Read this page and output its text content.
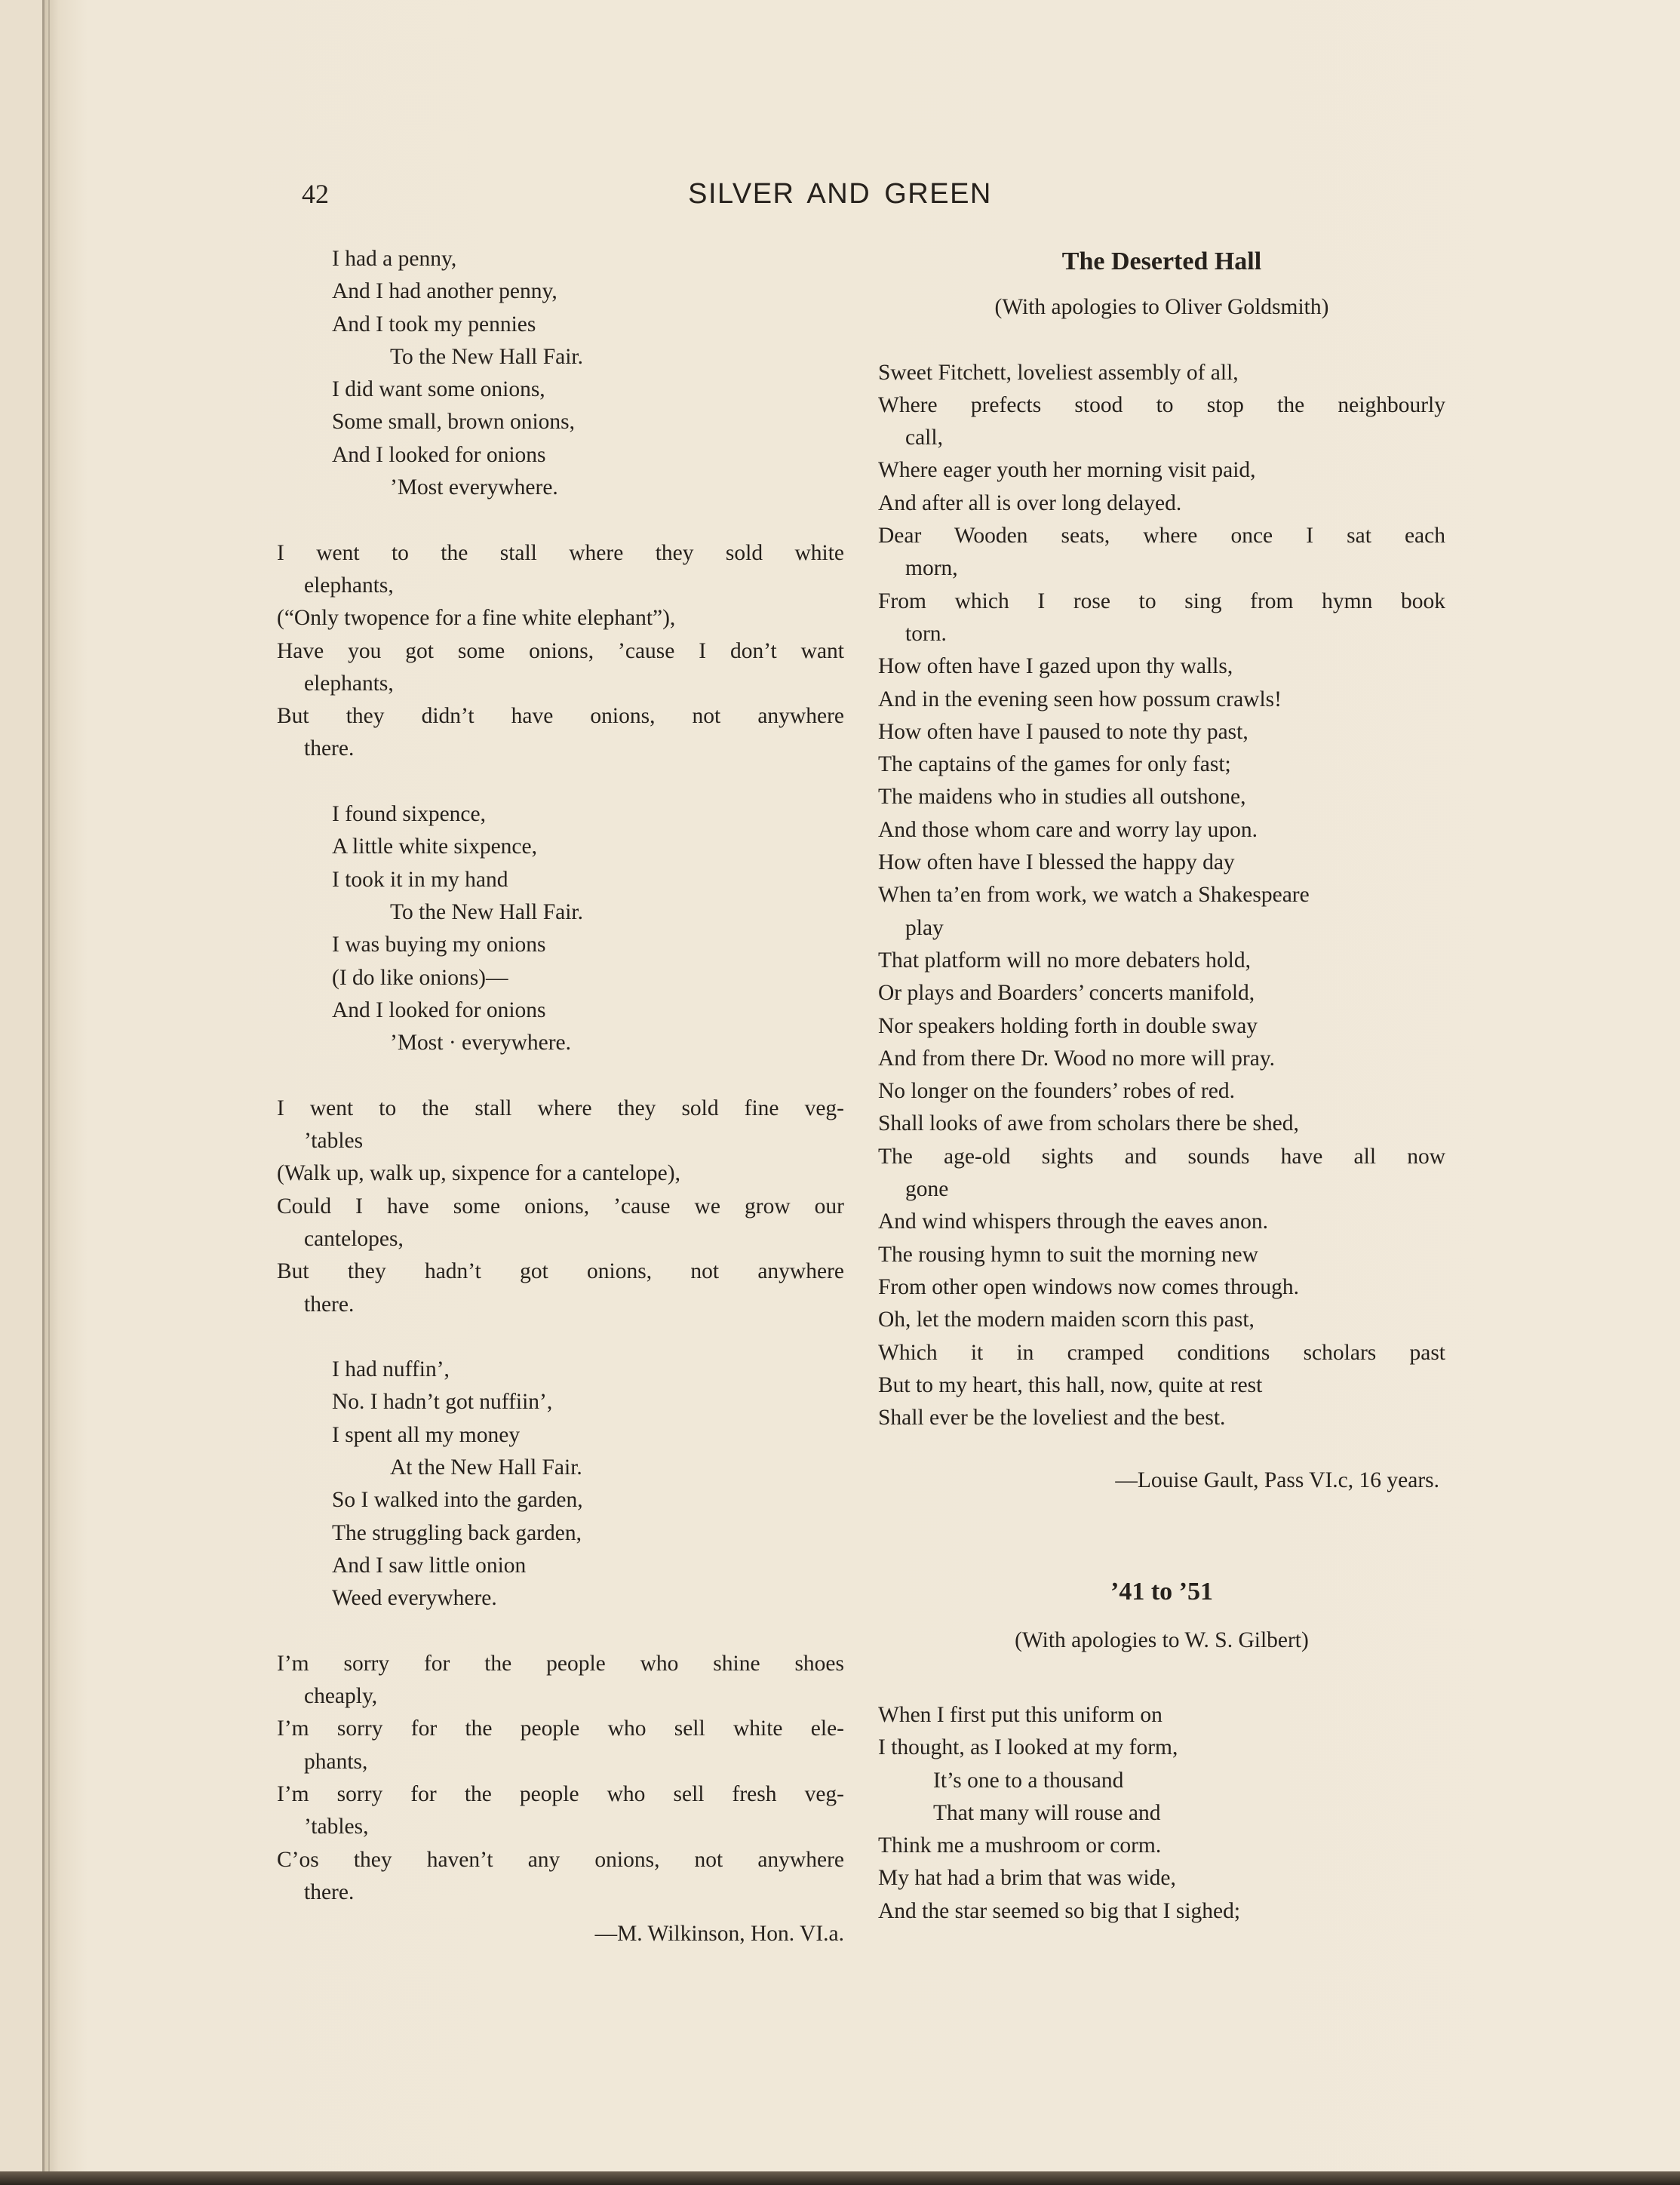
42	SILVER AND GREEN
I had a penny,
And I had another penny,
And I took my pennies
To the New Hall Fair.
I did want some onions,
Some small, brown onions,
And I looked for onions
’Most everywhere.
I went to the stall where they sold white
elephants,
(“Only twopence for a fine white elephant”),
Have you got some onions, ’cause I don’t want
elephants,
But they didn’t have onions, not anywhere
there.
I found sixpence,
A little white sixpence,
I took it in my hand
To the New Hall Fair.
I was buying my onions
(I do like onions)—
And I looked for onions
’Most · everywhere.
I went to the stall where they sold fine veg-
’tables
(Walk up, walk up, sixpence for a cantelope),
Could I have some onions, ’cause we grow our
cantelopes,
But they hadn’t got onions, not anywhere
there.
I had nuffin’,
No. I hadn’t got nuffiin’,
I spent all my money
At the New Hall Fair.
So I walked into the garden,
The struggling back garden,
And I saw little onion
Weed everywhere.
I’m sorry for the people who shine shoes
cheaply,
I’m sorry for the people who sell white ele-
phants,
I’m sorry for the people who sell fresh veg-
’tables,
C’os they haven’t any onions, not anywhere
there.
—M. Wilkinson, Hon. VI.a.
The Deserted Hall
(With apologies to Oliver Goldsmith)
Sweet Fitchett, loveliest assembly of all,
Where prefects stood to stop the neighbourly
call,
Where eager youth her morning visit paid,
And after all is over long delayed.
Dear Wooden seats, where once I sat each
morn,
From which I rose to sing from hymn book
torn.
How often have I gazed upon thy walls,
And in the evening seen how possum crawls!
How often have I paused to note thy past,
The captains of the games for only fast;
The maidens who in studies all outshone,
And those whom care and worry lay upon.
How often have I blessed the happy day
When ta’en from work, we watch a Shakespeare
play
That platform will no more debaters hold,
Or plays and Boarders’ concerts manifold,
Nor speakers holding forth in double sway
And from there Dr. Wood no more will pray.
No longer on the founders’ robes of red.
Shall looks of awe from scholars there be shed,
The age-old sights and sounds have all now
gone
And wind whispers through the eaves anon.
The rousing hymn to suit the morning new
From other open windows now comes through.
Oh, let the modern maiden scorn this past,
Which it in cramped conditions scholars past
But to my heart, this hall, now, quite at rest
Shall ever be the loveliest and the best.
—Louise Gault, Pass VI.c, 16 years.
’41 to ’51
(With apologies to W. S. Gilbert)
When I first put this uniform on
I thought, as I looked at my form,
It’s one to a thousand
That many will rouse and
Think me a mushroom or corm.
My hat had a brim that was wide,
And the star seemed so big that I sighed;
